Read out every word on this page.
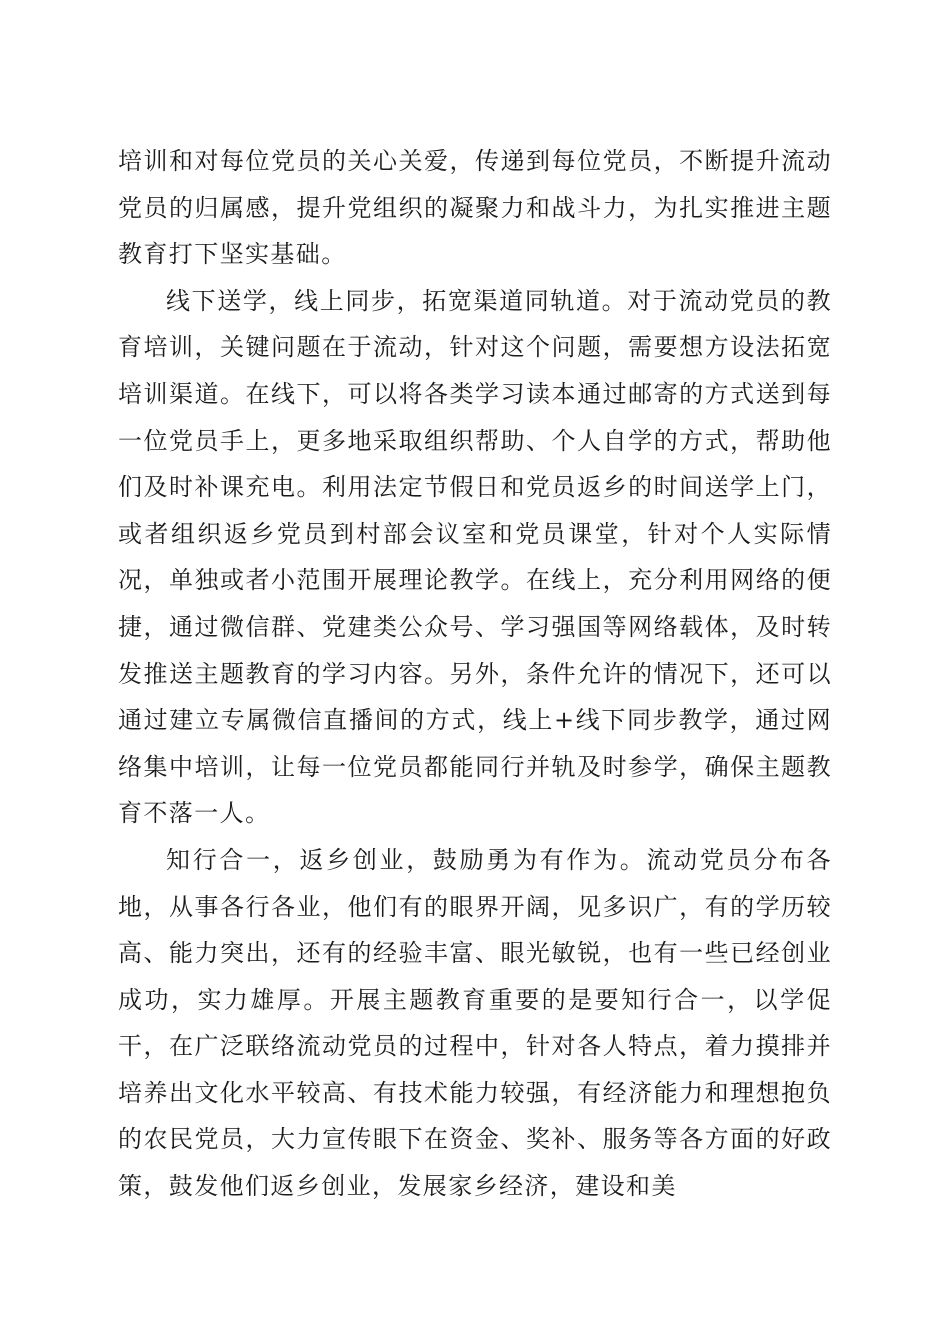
培训和对每位党员的关心关爱，传递到每位党员，不断提升流动党员的归属感，提升党组织的凝聚力和战斗力，为扎实推进主题教育打下坚实基础。

线下送学，线上同步，拓宽渠道同轨道。对于流动党员的教育培训，关键问题在于流动，针对这个问题，需要想方设法拓宽培训渠道。在线下，可以将各类学习读本通过邮寄的方式送到每一位党员手上，更多地采取组织帮助、个人自学的方式，帮助他们及时补课充电。利用法定节假日和党员返乡的时间送学上门，或者组织返乡党员到村部会议室和党员课堂，针对个人实际情况，单独或者小范围开展理论教学。在线上，充分利用网络的便捷，通过微信群、党建类公众号、学习强国等网络载体，及时转发推送主题教育的学习内容。另外，条件允许的情况下，还可以通过建立专属微信直播间的方式，线上+线下同步教学，通过网络集中培训，让每一位党员都能同行并轨及时参学，确保主题教育不落一人。

知行合一，返乡创业，鼓励勇为有作为。流动党员分布各地，从事各行各业，他们有的眼界开阔，见多识广，有的学历较高、能力突出，还有的经验丰富、眼光敏锐，也有一些已经创业成功，实力雄厚。开展主题教育重要的是要知行合一，以学促干，在广泛联络流动党员的过程中，针对各人特点，着力摸排并培养出文化水平较高、有技术能力较强，有经济能力和理想抱负的农民党员，大力宣传眼下在资金、奖补、服务等各方面的好政策，鼓发他们返乡创业，发展家乡经济，建设和美
